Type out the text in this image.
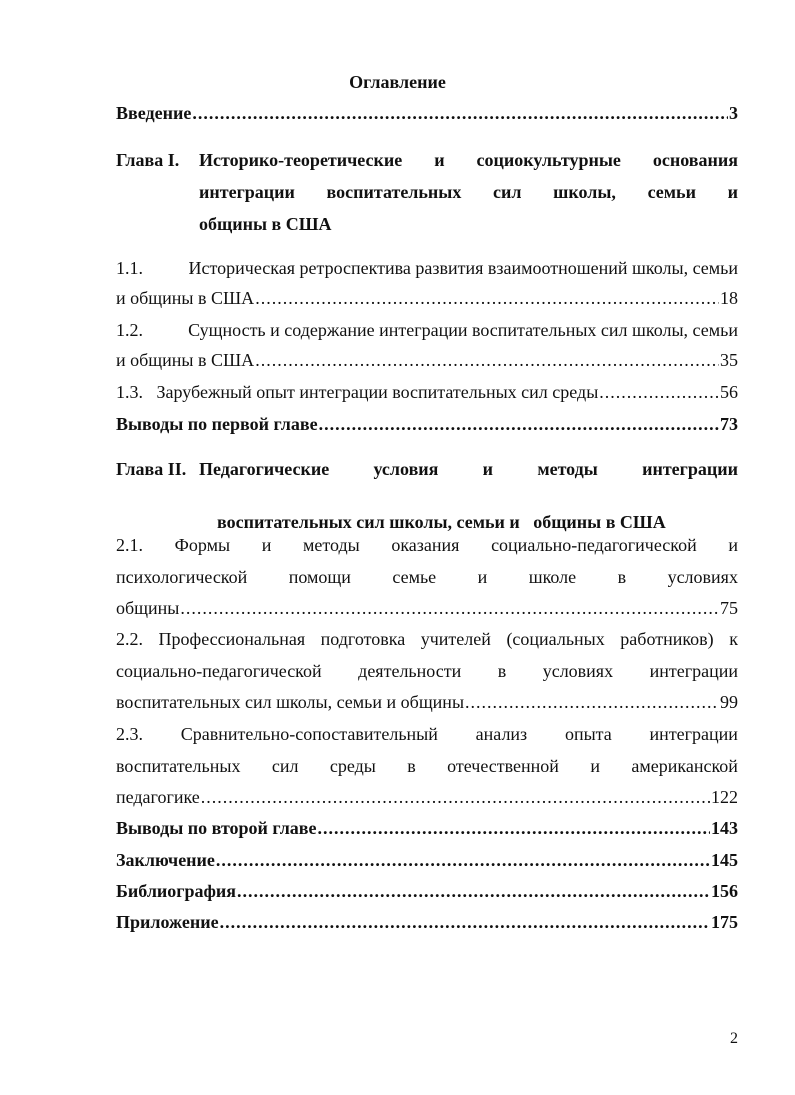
Оглавление
Введение .....	3
Глава I. Историко-теоретические и социокультурные основания
интеграции воспитательных сил школы, семьи и
общины в США
1.1.	Историческая ретроспектива развития взаимоотношений школы, семьи
и общины в США .....	18
1.2.	Сущность и содержание интеграции воспитательных сил школы, семьи
и общины в США .....	35
1.3.   Зарубежный опыт интеграции воспитательных сил среды .....	56
Выводы по первой главе .....	73
Глава II. Педагогические условия и методы интеграции

воспитательных сил школы, семьи и   общины в США

2.1. Формы и методы оказания социально-педагогической и
психологической помощи семье и школе в условиях
общины .....	75
2.2. Профессиональная подготовка учителей (социальных работников) к
социально-педагогической деятельности в условиях интеграции
воспитательных сил школы, семьи и общины .....	99
2.3. Сравнительно-сопоставительный анализ опыта интеграции
воспитательных сил среды в отечественной и американской
педагогике .....	122
Выводы по второй главе .....	143
Заключение .....	145
Библиография .....	156
Приложение .....	175
2
